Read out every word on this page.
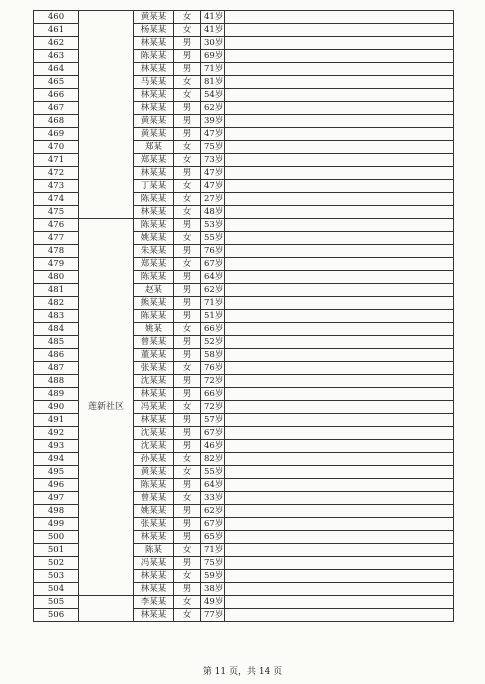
460		黄某某	女	41岁	
461		杨某某	女	41岁	
462		林某某	男	30岁	
463		陈某某	男	69岁	
464		林某某	男	71岁	
465		马某某	女	81岁	
466		林某某	女	54岁	
467		林某某	男	62岁	
468		黄某某	男	39岁	
469		黄某某	男	47岁	
470		郑某	女	75岁	
471		郑某某	女	73岁	
472		林某某	男	47岁	
473		丁某某	女	47岁	
474		陈某某	女	27岁	
475		林某某	女	48岁	
476	莲新社区	陈某某	男	53岁	
477		姚某某	女	55岁	
478		朱某某	男	76岁	
479		郑某某	女	67岁	
480		陈某某	男	64岁	
481		赵某	男	62岁	
482		熊某某	男	71岁	
483		陈某某	男	51岁	
484		姚某	女	66岁	
485		曾某某	男	52岁	
486		董某某	男	58岁	
487		张某某	女	76岁	
488		沈某某	男	72岁	
489		林某某	男	66岁	
490		冯某某	女	72岁	
491		林某某	男	57岁	
492		沈某某	男	67岁	
493		沈某某	男	46岁	
494		孙某某	女	82岁	
495		黄某某	女	55岁	
496		陈某某	男	64岁	
497		曾某某	女	33岁	
498		姚某某	男	62岁	
499		张某某	男	67岁	
500		林某某	男	65岁	
501		陈某	女	71岁	
502		冯某某	男	75岁	
503		林某某	女	59岁	
504		林某某	男	38岁	
505		李某某	女	49岁	
506		林某某	女	77岁	
第 11 页，共 14 页
